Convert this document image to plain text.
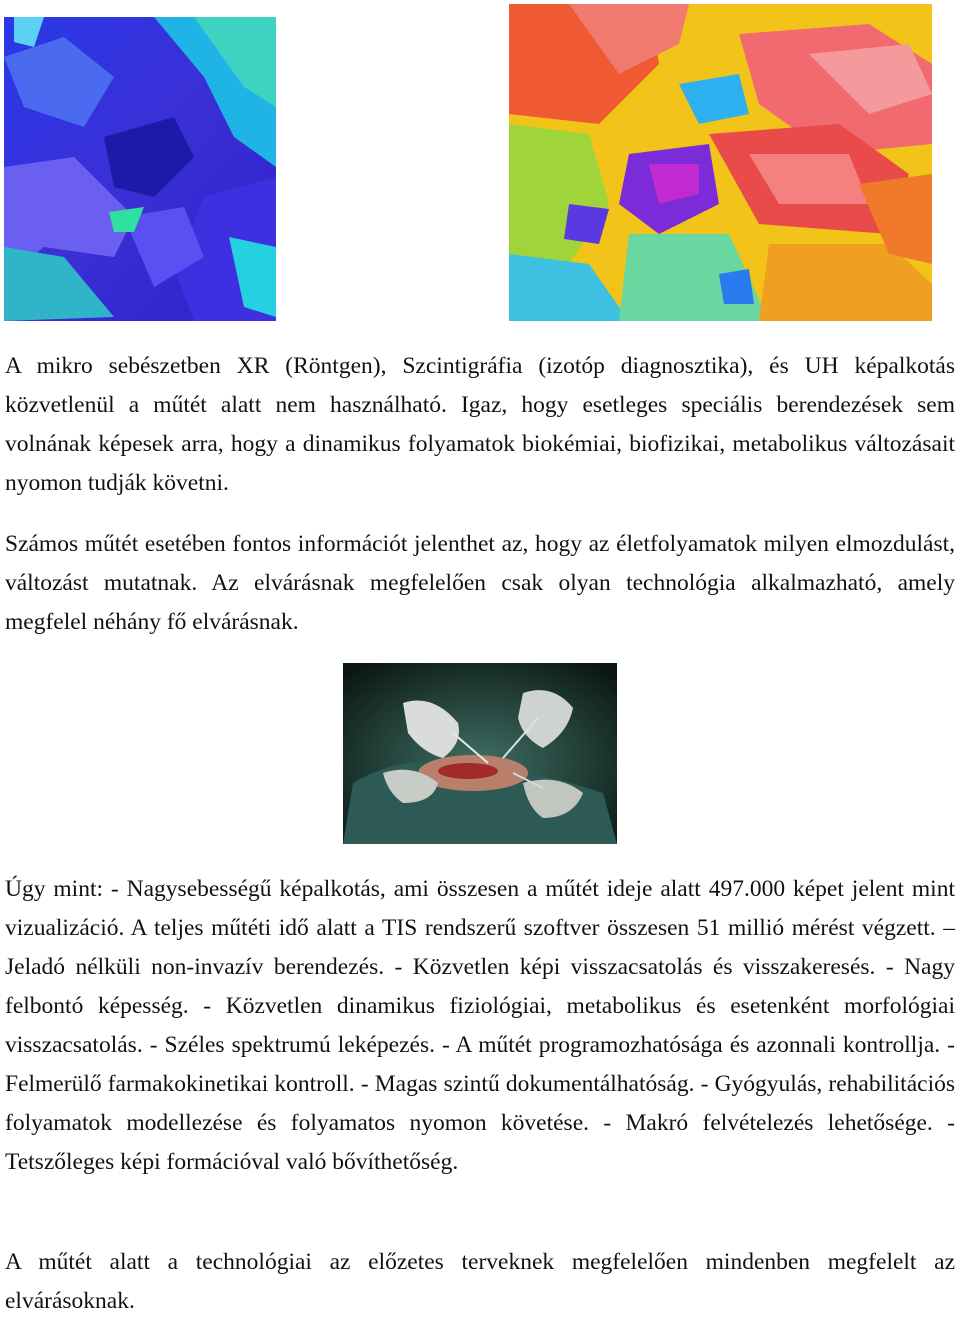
A mikro sebészetben XR (Röntgen), Szcintigráfia (izotóp diagnosztika), és UH képalkotás közvetlenül a műtét alatt nem használható. Igaz, hogy esetleges speciális berendezések sem volnának képesek arra, hogy a dinamikus folyamatok biokémiai, biofizikai, metabolikus változásait nyomon tudják követni.

Számos műtét esetében fontos információt jelenthet az, hogy az életfolyamatok milyen elmozdulást, változást mutatnak. Az elvárásnak megfelelően csak olyan technológia alkalmazható, amely megfelel néhány fő elvárásnak.

Úgy mint: - Nagysebességű képalkotás, ami összesen a műtét ideje alatt 497.000 képet jelent mint vizualizáció. A teljes műtéti idő alatt a TIS rendszerű szoftver összesen 51 millió mérést végzett. – Jeladó nélküli non-invazív berendezés. - Közvetlen képi visszacsatolás és visszakeresés. - Nagy felbontó képesség. - Közvetlen dinamikus fiziológiai, metabolikus és esetenként morfológiai visszacsatolás. - Széles spektrumú leképezés. - A műtét programozhatósága és azonnali kontrollja. - Felmerülő farmakokinetikai kontroll. - Magas szintű dokumentálhatóság. - Gyógyulás, rehabilitációs folyamatok modellezése és folyamatos nyomon követése. - Makró felvételezés lehetősége. - Tetszőleges képi formációval való bővíthetőség.

A műtét alatt a technológiai az előzetes terveknek megfelelően mindenben megfelelt az elvárásoknak.
